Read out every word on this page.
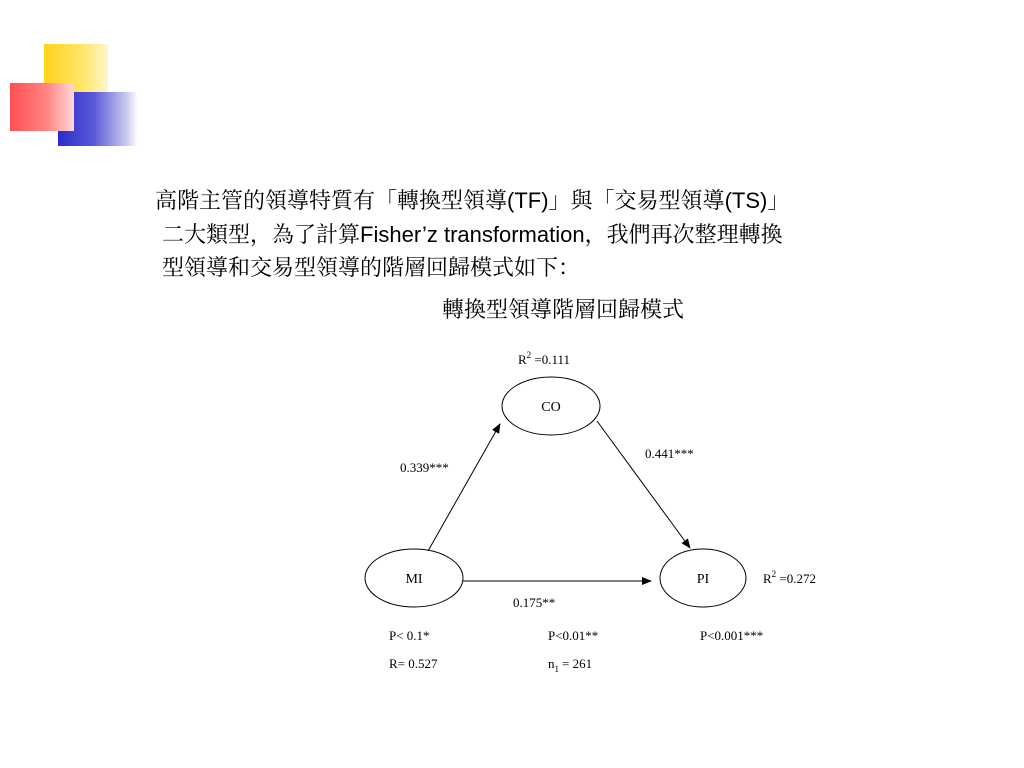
高階主管的領導特質有「轉換型領導(TF)」與「交易型領導(TS)」
二大類型，為了計算Fisher’z transformation，我們再次整理轉換
型領導和交易型領導的階層回歸模式如下：
轉換型領導階層回歸模式
$R^2 =0.111$
CO
MI	PI
0.339***
0.441***
0.175**
$R^2 =0.272$
P< 0.1*	P<0.01**	P<0.001***
R= 0.527	$n_1 = 261$
